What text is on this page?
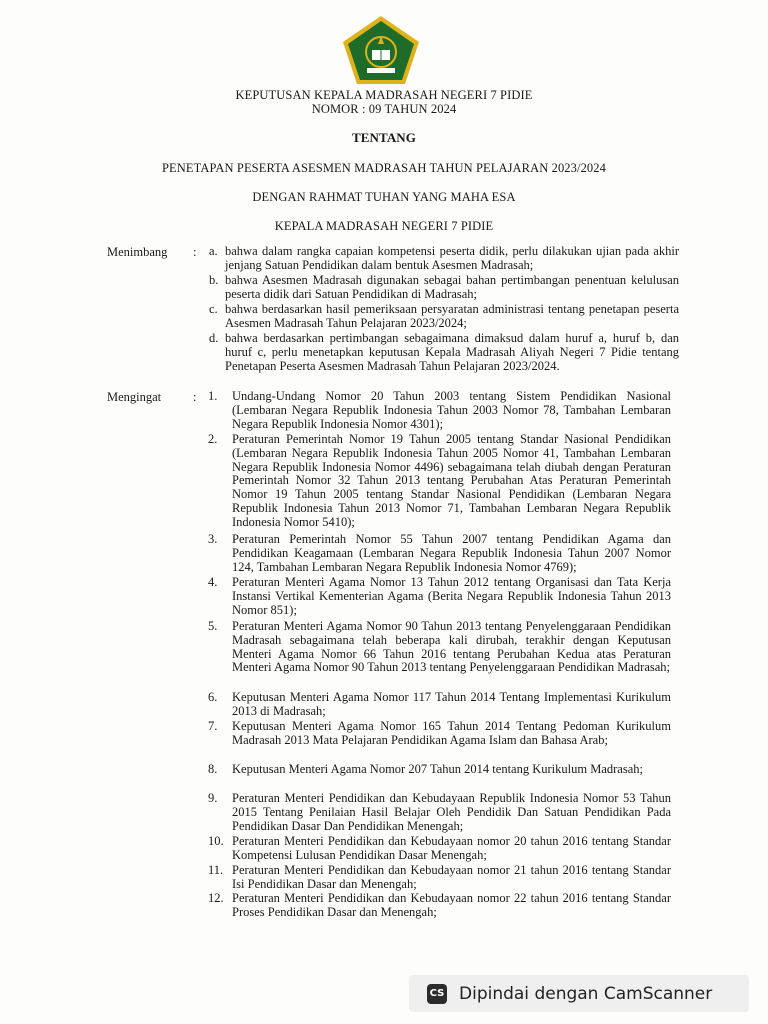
KEPUTUSAN KEPALA MADRASAH NEGERI 7 PIDIE
NOMOR : 09 TAHUN 2024
TENTANG
PENETAPAN PESERTA ASESMEN MADRASAH TAHUN PELAJARAN 2023/2024
DENGAN RAHMAT TUHAN YANG MAHA ESA
KEPALA MADRASAH NEGERI 7 PIDIE
Menimbang : a. bahwa dalam rangka capaian kompetensi peserta didik, perlu dilakukan ujian pada akhir jenjang Satuan Pendidikan dalam bentuk Asesmen Madrasah;
b. bahwa Asesmen Madrasah digunakan sebagai bahan pertimbangan penentuan kelulusan peserta didik dari Satuan Pendidikan di Madrasah;
c. bahwa berdasarkan hasil pemeriksaan persyaratan administrasi tentang penetapan peserta Asesmen Madrasah Tahun Pelajaran 2023/2024;
d. bahwa berdasarkan pertimbangan sebagaimana dimaksud dalam huruf a, huruf b, dan huruf c, perlu menetapkan keputusan Kepala Madrasah Aliyah Negeri 7 Pidie tentang Penetapan Peserta Asesmen Madrasah Tahun Pelajaran 2023/2024.
Mengingat	: 1. Undang-Undang Nomor 20 Tahun 2003 tentang Sistem Pendidikan Nasional (Lembaran Negara Republik Indonesia Tahun 2003 Nomor 78, Tambahan Lembaran Negara Republik Indonesia Nomor 4301);
2. Peraturan Pemerintah Nomor 19 Tahun 2005 tentang Standar Nasional Pendidikan (Lembaran Negara Republik Indonesia Tahun 2005 Nomor 41, Tambahan Lembaran Negara Republik Indonesia Nomor 4496) sebagaimana telah diubah dengan Peraturan Pemerintah Nomor 32 Tahun 2013 tentang Perubahan Atas Peraturan Pemerintah Nomor 19 Tahun 2005 tentang Standar Nasional Pendidikan (Lembaran Negara Republik Indonesia Tahun 2013 Nomor 71, Tambahan Lembaran Negara Republik Indonesia Nomor 5410);
3. Peraturan Pemerintah Nomor 55 Tahun 2007 tentang Pendidikan Agama dan Pendidikan Keagamaan (Lembaran Negara Republik Indonesia Tahun 2007 Nomor 124, Tambahan Lembaran Negara Republik Indonesia Nomor 4769);
4. Peraturan Menteri Agama Nomor 13 Tahun 2012 tentang Organisasi dan Tata Kerja Instansi Vertikal Kementerian Agama (Berita Negara Republik Indonesia Tahun 2013 Nomor 851);
5. Peraturan Menteri Agama Nomor 90 Tahun 2013 tentang Penyelenggaraan Pendidikan Madrasah sebagaimana telah beberapa kali dirubah, terakhir dengan Keputusan Menteri Agama Nomor 66 Tahun 2016 tentang Perubahan Kedua atas Peraturan Menteri Agama Nomor 90 Tahun 2013 tentang Penyelenggaraan Pendidikan Madrasah;
6. Keputusan Menteri Agama Nomor 117 Tahun 2014 Tentang Implementasi Kurikulum 2013 di Madrasah;
7. Keputusan Menteri Agama Nomor 165 Tahun 2014 Tentang Pedoman Kurikulum Madrasah 2013 Mata Pelajaran Pendidikan Agama Islam dan Bahasa Arab;
8. Keputusan Menteri Agama Nomor 207 Tahun 2014 tentang Kurikulum Madrasah;
9. Peraturan Menteri Pendidikan dan Kebudayaan Republik Indonesia Nomor 53 Tahun 2015 Tentang Penilaian Hasil Belajar Oleh Pendidik Dan Satuan Pendidikan Pada Pendidikan Dasar Dan Pendidikan Menengah;
10. Peraturan Menteri Pendidikan dan Kebudayaan nomor 20 tahun 2016 tentang Standar Kompetensi Lulusan Pendidikan Dasar Menengah;
11. Peraturan Menteri Pendidikan dan Kebudayaan nomor 21 tahun 2016 tentang Standar Isi Pendidikan Dasar dan Menengah;
12. Peraturan Menteri Pendidikan dan Kebudayaan nomor 22 tahun 2016 tentang Standar Proses Pendidikan Dasar dan Menengah;
CS Dipindai dengan CamScanner
